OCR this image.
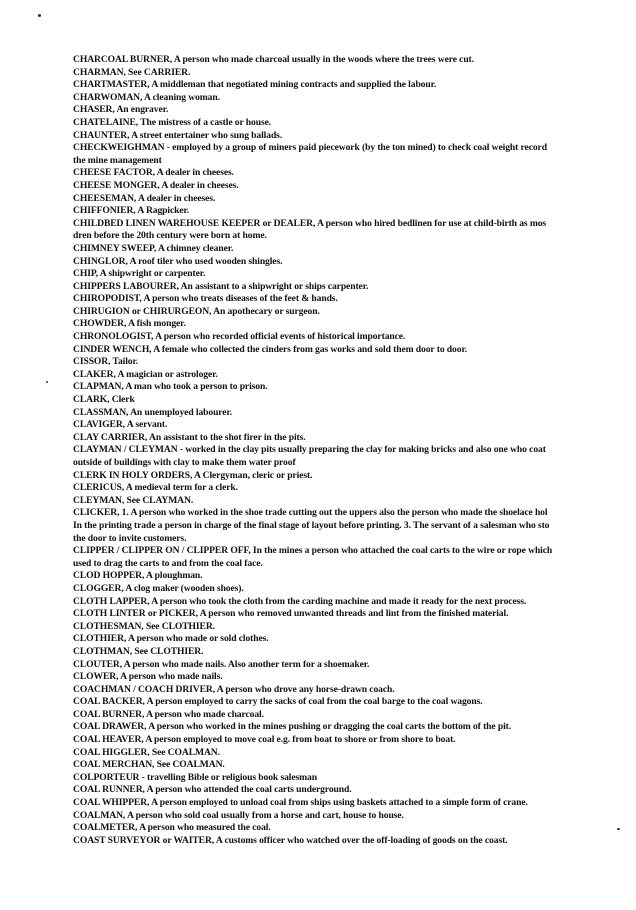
CHARCOAL BURNER, A person who made charcoal usually in the woods where the trees were cut.
CHARMAN, See CARRIER.
CHARTMASTER, A middleman that negotiated mining contracts and supplied the labour.
CHARWOMAN, A cleaning woman.
CHASER, An engraver.
CHATELAINE, The mistress of a castle or house.
CHAUNTER, A street entertainer who sung ballads.
CHECKWEIGHMAN - employed by a group of miners paid piecework (by the ton mined) to check coal weight record
the mine management
CHEESE FACTOR, A dealer in cheeses.
CHEESE MONGER, A dealer in cheeses.
CHEESEMAN, A dealer in cheeses.
CHIFFONIER, A Ragpicker.
CHILDBED LINEN WAREHOUSE KEEPER or DEALER, A person who hired bedlinen for use at child-birth as mos
dren before the 20th century were born at home.
CHIMNEY SWEEP, A chimney cleaner.
CHINGLOR, A roof tiler who used wooden shingles.
CHIP, A shipwright or carpenter.
CHIPPERS LABOURER, An assistant to a shipwright or ships carpenter.
CHIROPODIST, A person who treats diseases of the feet & hands.
CHIRUGION or CHIRURGEON, An apothecary or surgeon.
CHOWDER, A fish monger.
CHRONOLOGIST, A person who recorded official events of historical importance.
CINDER WENCH, A female who collected the cinders from gas works and sold them door to door.
CISSOR, Tailor.
CLAKER, A magician or astrologer.
CLAPMAN, A man who took a person to prison.
CLARK, Clerk
CLASSMAN, An unemployed labourer.
CLAVIGER, A servant.
CLAY CARRIER, An assistant to the shot firer in the pits.
CLAYMAN / CLEYMAN - worked in the clay pits usually preparing the clay for making bricks and also one who coat
outside of buildings with clay to make them water proof
CLERK IN HOLY ORDERS, A Clergyman, cleric or priest.
CLERICUS, A medieval term for a clerk.
CLEYMAN, See CLAYMAN.
CLICKER, 1. A person who worked in the shoe trade cutting out the uppers also the person who made the shoelace hol
In the printing trade a person in charge of the final stage of layout before printing. 3. The servant of a salesman who sto
the door to invite customers.
CLIPPER / CLIPPER ON / CLIPPER OFF, In the mines a person who attached the coal carts to the wire or rope which
used to drag the carts to and from the coal face.
CLOD HOPPER, A ploughman.
CLOGGER, A clog maker (wooden shoes).
CLOTH LAPPER, A person who took the cloth from the carding machine and made it ready for the next process.
CLOTH LINTER or PICKER, A person who removed unwanted threads and lint from the finished material.
CLOTHESMAN, See CLOTHIER.
CLOTHIER, A person who made or sold clothes.
CLOTHMAN, See CLOTHIER.
CLOUTER, A person who made nails. Also another term for a shoemaker.
CLOWER, A person who made nails.
COACHMAN / COACH DRIVER, A person who drove any horse-drawn coach.
COAL BACKER, A person employed to carry the sacks of coal from the coal barge to the coal wagons.
COAL BURNER, A person who made charcoal.
COAL DRAWER, A person who worked in the mines pushing or dragging the coal carts the bottom of the pit.
COAL HEAVER, A person employed to move coal e.g. from boat to shore or from shore to boat.
COAL HIGGLER, See COALMAN.
COAL MERCHAN, See COALMAN.
COLPORTEUR - travelling Bible or religious book salesman
COAL RUNNER, A person who attended the coal carts underground.
COAL WHIPPER, A person employed to unload coal from ships using baskets attached to a simple form of crane.
COALMAN, A person who sold coal usually from a horse and cart, house to house.
COALMETER, A person who measured the coal.
COAST SURVEYOR or WAITER, A customs officer who watched over the off-loading of goods on the coast.
